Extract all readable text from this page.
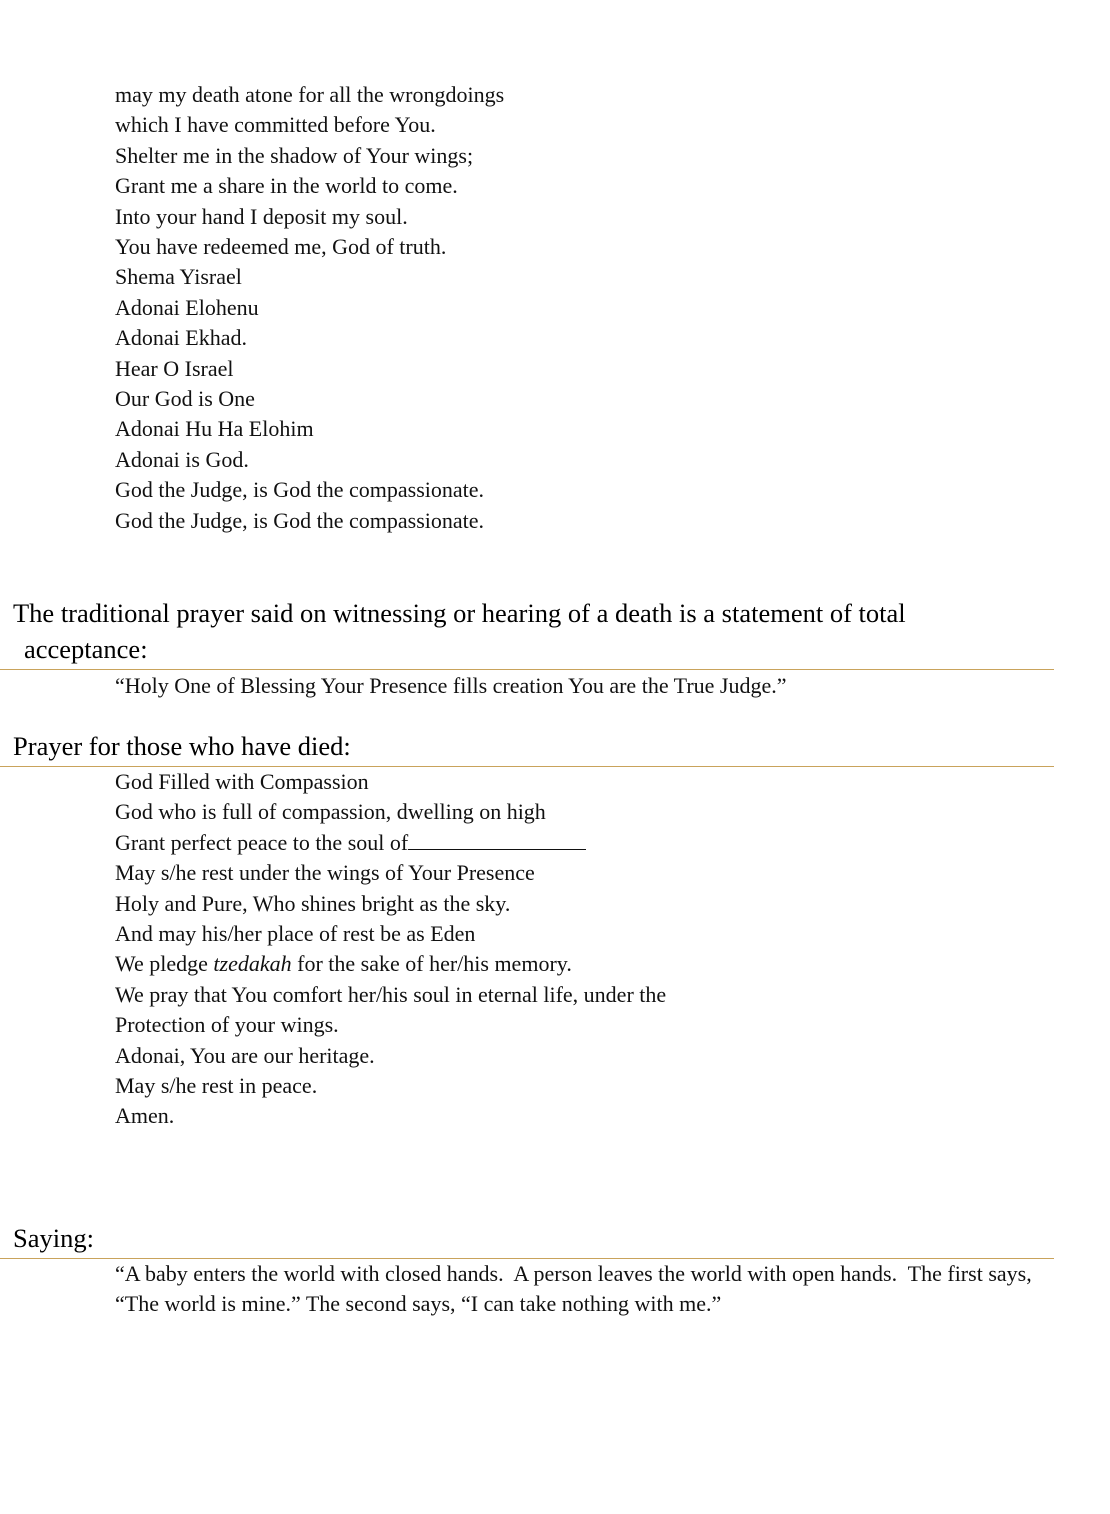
may my death atone for all the wrongdoings
which I have committed before You.
Shelter me in the shadow of Your wings;
Grant me a share in the world to come.
Into your hand I deposit my soul.
You have redeemed me, God of truth.
Shema Yisrael
Adonai Elohenu
Adonai Ekhad.
Hear O Israel
Our God is One
Adonai Hu Ha Elohim
Adonai is God.
God the Judge, is God the compassionate.
God the Judge, is God the compassionate.
The traditional prayer said on witnessing or hearing of a death is a statement of total
acceptance:
“Holy One of Blessing Your Presence fills creation You are the True Judge.”
Prayer for those who have died:
God Filled with Compassion
God who is full of compassion, dwelling on high
Grant perfect peace to the soul of
May s/he rest under the wings of Your Presence
Holy and Pure, Who shines bright as the sky.
And may his/her place of rest be as Eden
We pledge tzedakah for the sake of her/his memory.
We pray that You comfort her/his soul in eternal life, under the
Protection of your wings.
Adonai, You are our heritage.
May s/he rest in peace.
Amen.
Saying:
“A baby enters the world with closed hands.  A person leaves the world with open hands.  The first says, “The world is mine.” The second says, “I can take nothing with me.”
